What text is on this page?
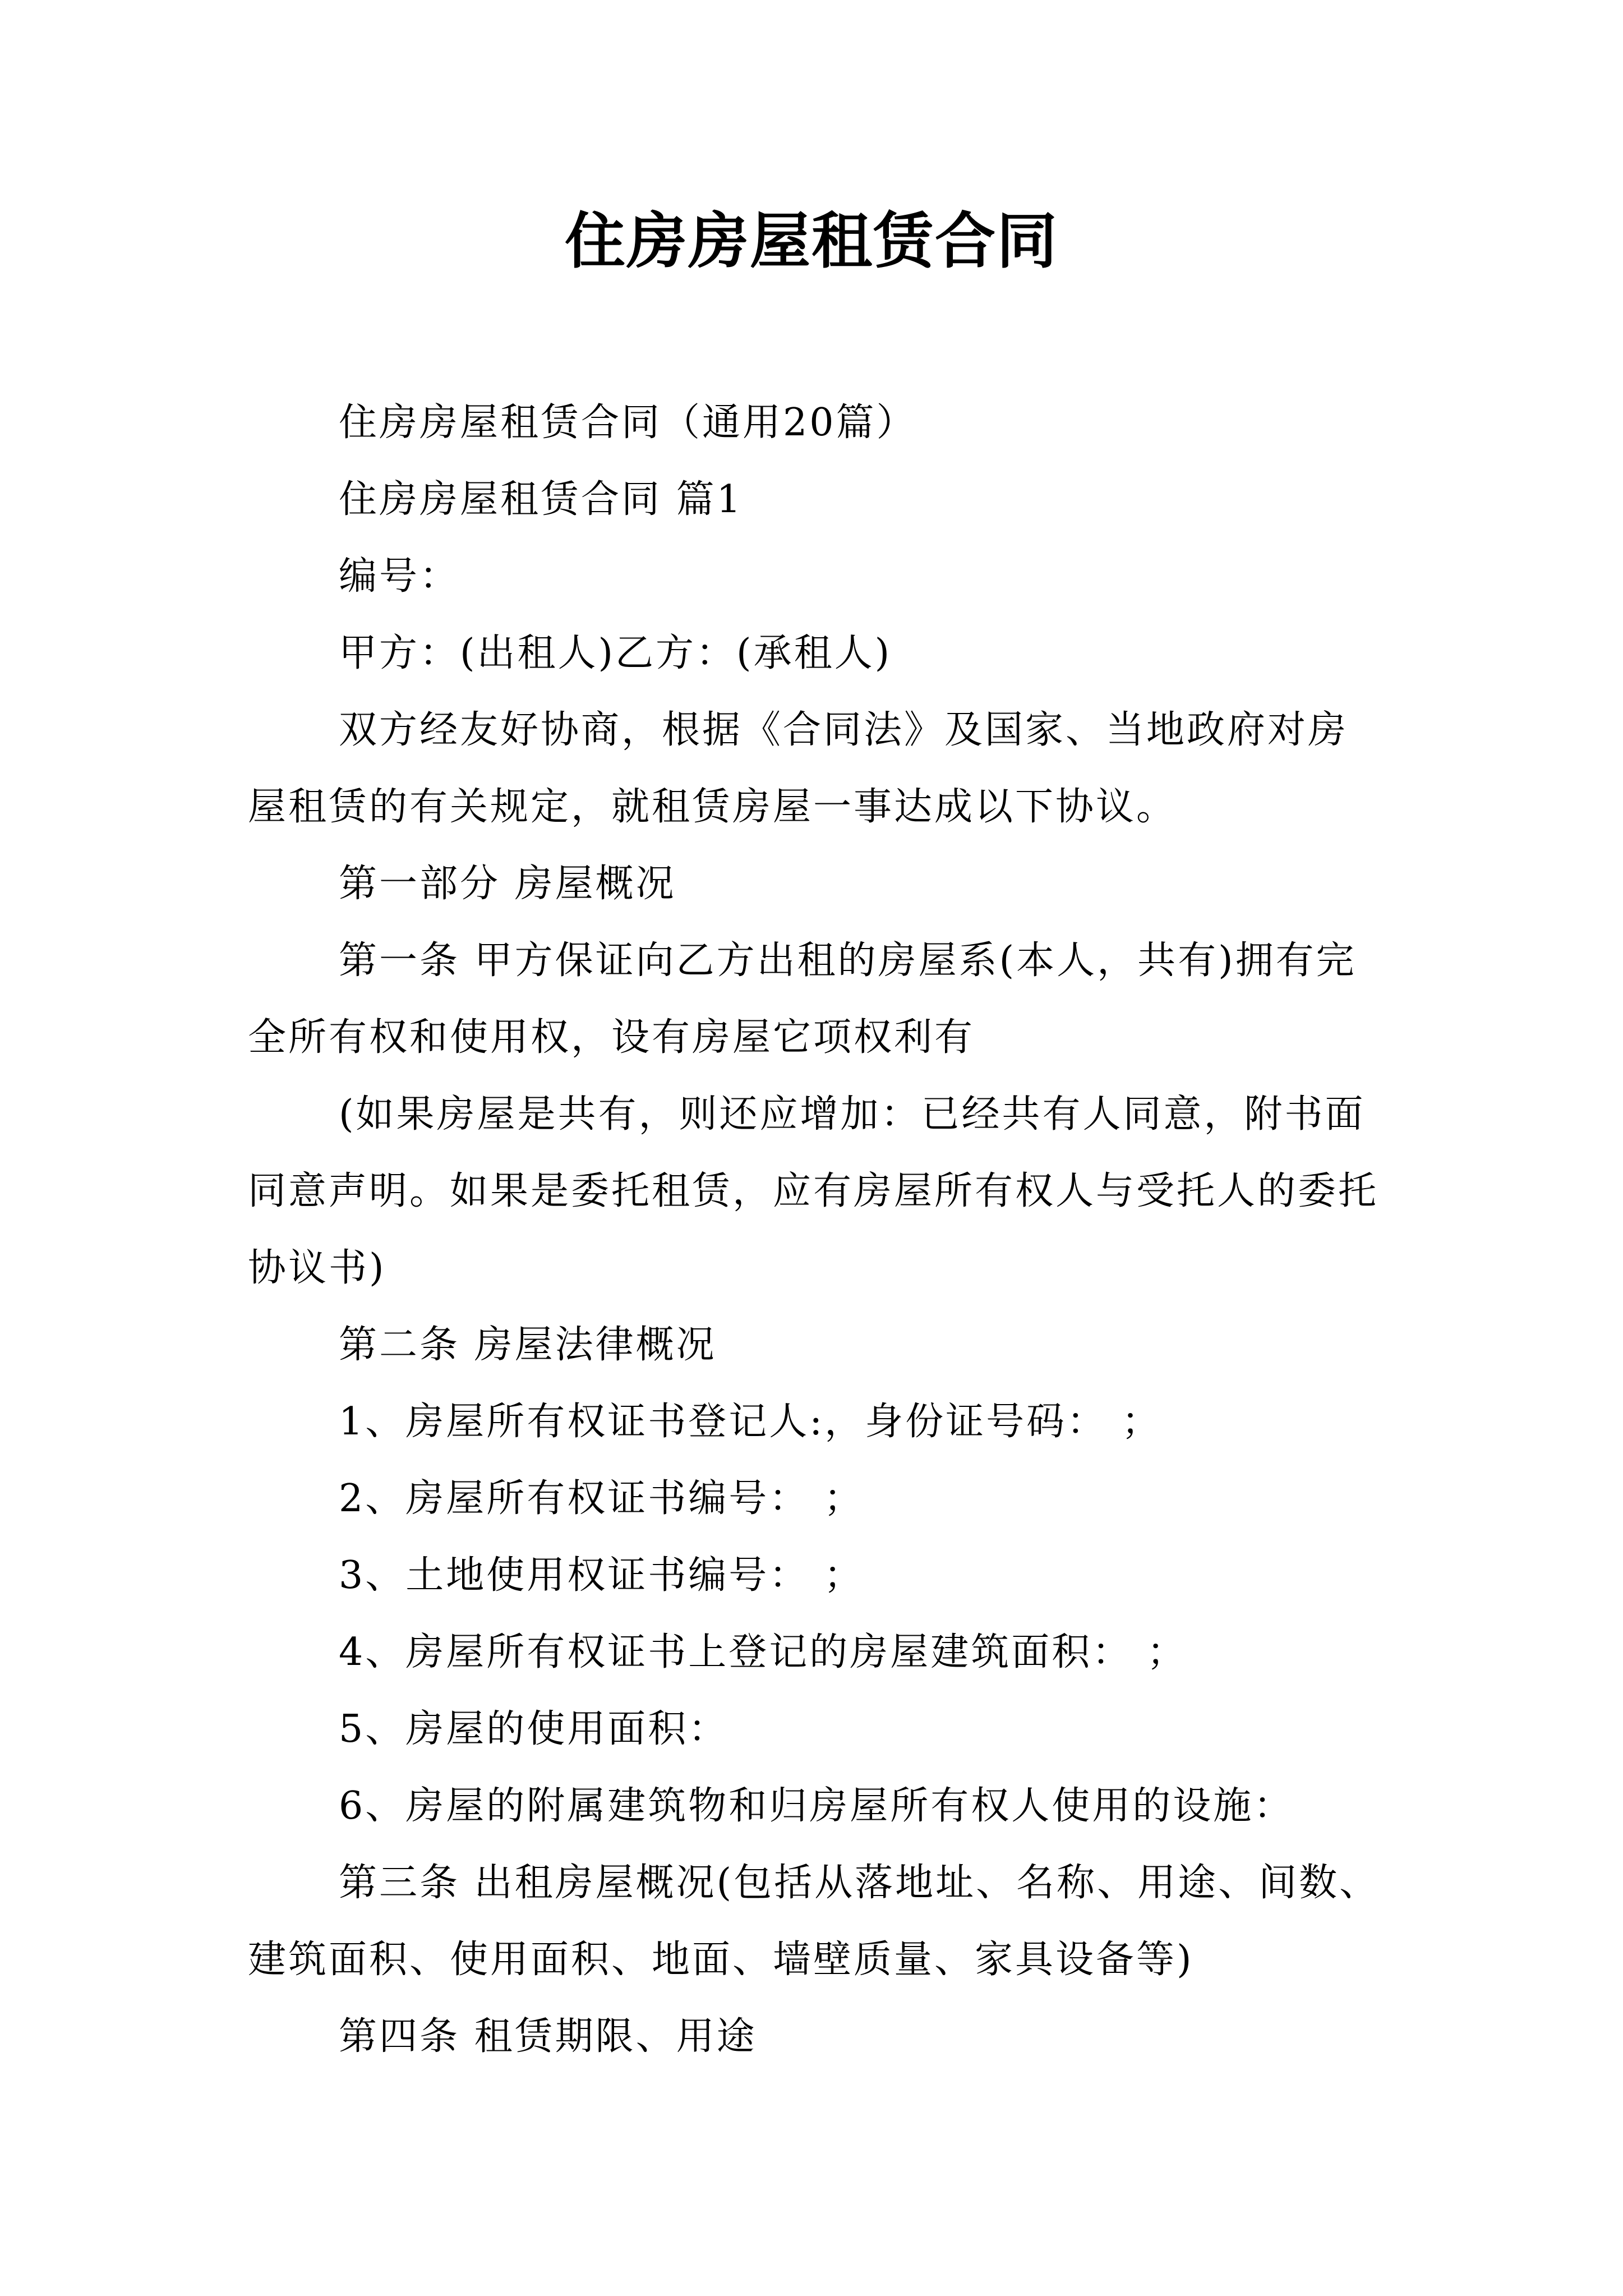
住房房屋租赁合同

住房房屋租赁合同（通用20篇）

住房房屋租赁合同 篇1

编号：

甲方：(出租人)乙方：(承租人)

双方经友好协商，根据《合同法》及国家、当地政府对房屋租赁的有关规定，就租赁房屋一事达成以下协议。

第一部分 房屋概况

第一条 甲方保证向乙方出租的房屋系(本人，共有)拥有完全所有权和使用权，设有房屋它项权利有

(如果房屋是共有，则还应增加：已经共有人同意，附书面同意声明。如果是委托租赁，应有房屋所有权人与受托人的委托协议书)

第二条 房屋法律概况

1、房屋所有权证书登记人:，身份证号码： ；

2、房屋所有权证书编号： ；

3、土地使用权证书编号： ；

4、房屋所有权证书上登记的房屋建筑面积： ；

5、房屋的使用面积：

6、房屋的附属建筑物和归房屋所有权人使用的设施：

第三条 出租房屋概况(包括从落地址、名称、用途、间数、建筑面积、使用面积、地面、墙壁质量、家具设备等)

第四条 租赁期限、用途
